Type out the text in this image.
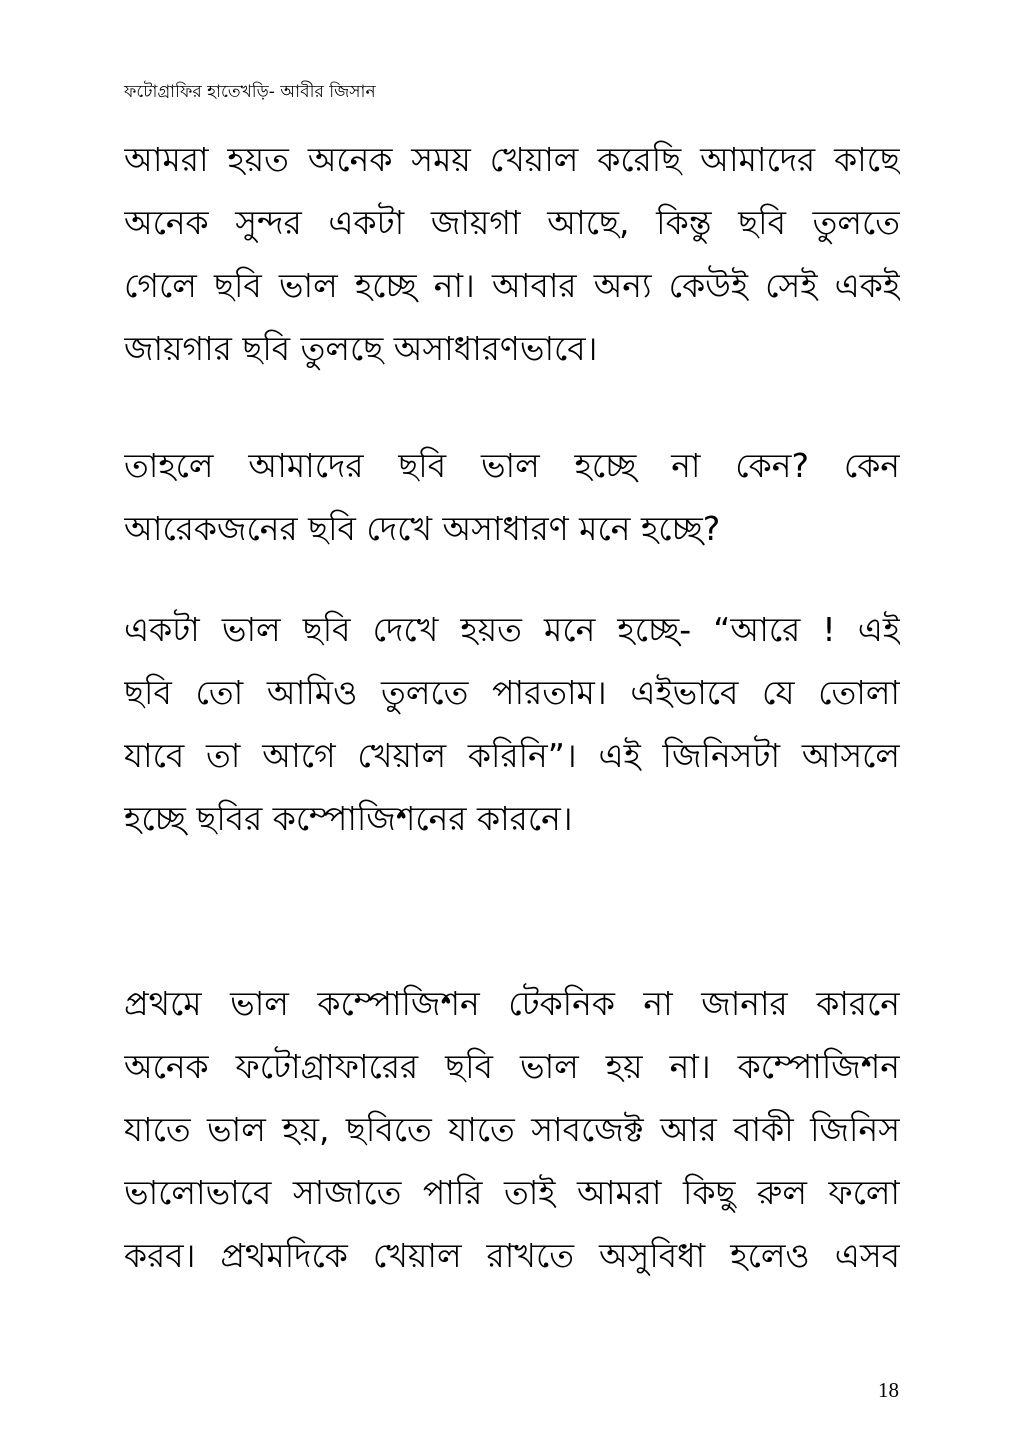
ফটোগ্রাফির হাতেখড়ি- আবীর জিসান
আমরা হয়ত অনেক সময় খেয়াল করেছি আমাদের কাছে
অনেক সুন্দর একটা জায়গা আছে, কিন্তু ছবি তুলতে
গেলে ছবি ভাল হচ্ছে না। আবার অন্য কেউই সেই একই
জায়গার ছবি তুলছে অসাধারণভাবে।
তাহলে আমাদের ছবি ভাল হচ্ছে না কেন? কেন
আরেকজনের ছবি দেখে অসাধারণ মনে হচ্ছে?
একটা ভাল ছবি দেখে হয়ত মনে হচ্ছে- “আরে ! এই
ছবি তো আমিও তুলতে পারতাম। এইভাবে যে তোলা
যাবে তা আগে খেয়াল করিনি”। এই জিনিসটা আসলে
হচ্ছে ছবির কম্পোজিশনের কারনে।
প্রথমে ভাল কম্পোজিশন টেকনিক না জানার কারনে
অনেক ফটোগ্রাফারের ছবি ভাল হয় না। কম্পোজিশন
যাতে ভাল হয়, ছবিতে যাতে সাবজেক্ট আর বাকী জিনিস
ভালোভাবে সাজাতে পারি তাই আমরা কিছু রুল ফলো
করব। প্রথমদিকে খেয়াল রাখতে অসুবিধা হলেও এসব
18
